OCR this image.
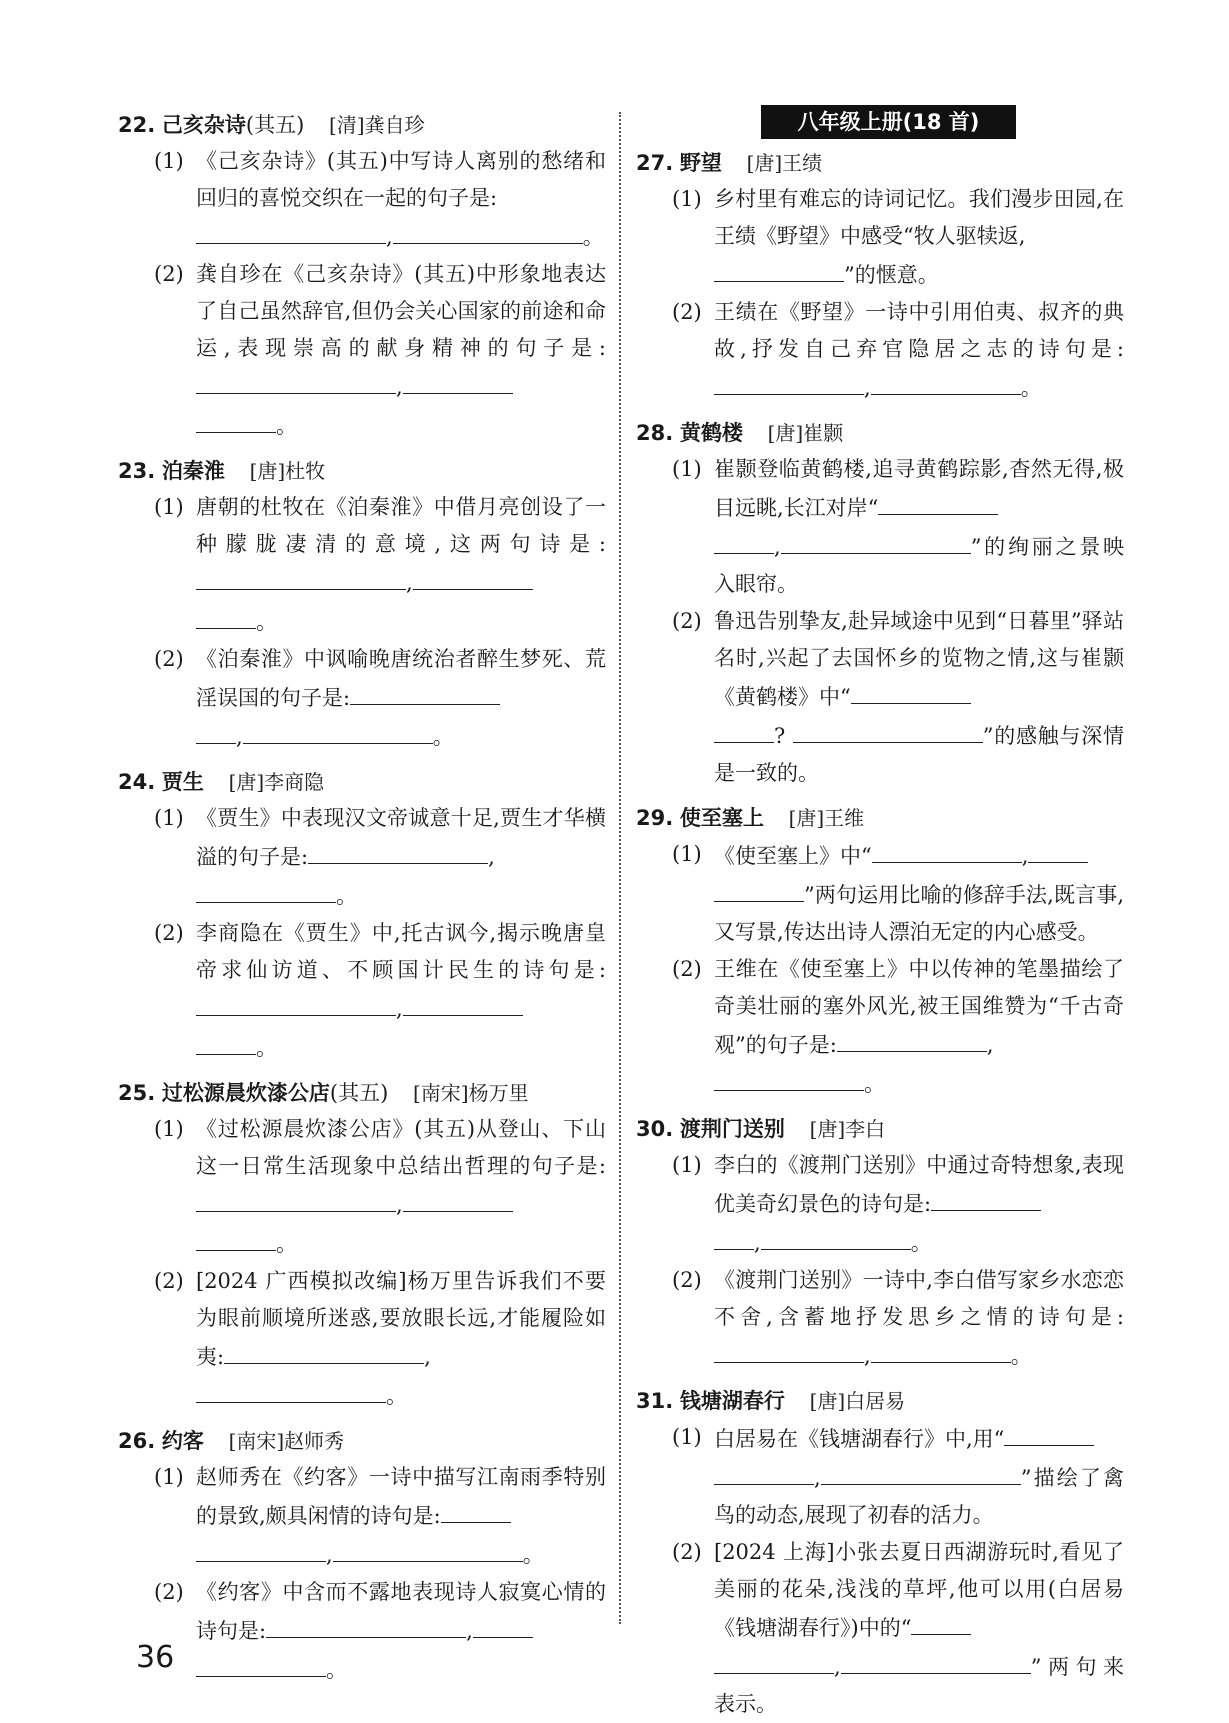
22. 己亥杂诗(其五) [清]龚自珍
(1) 《己亥杂诗》(其五)中写诗人离别的愁绪和回归的喜悦交织在一起的句子是:
,	。
(2) 龚自珍在《己亥杂诗》(其五)中形象地表达了自己虽然辞官,但仍会关心国家的前途和命运,表现崇高的献身精神的句子是:,
。
23. 泊秦淮 [唐]杜牧
(1) 唐朝的杜牧在《泊秦淮》中借月亮创设了一种朦胧凄清的意境,这两句诗是:,
。
(2) 《泊秦淮》中讽喻晚唐统治者醉生梦死、荒淫误国的句子是:
,	。
24. 贾生 [唐]李商隐
(1) 《贾生》中表现汉文帝诚意十足,贾生才华横溢的句子是:	,
。
(2) 李商隐在《贾生》中,托古讽今,揭示晚唐皇帝求仙访道、不顾国计民生的诗句是:,
。
25. 过松源晨炊漆公店(其五) [南宋]杨万里
(1) 《过松源晨炊漆公店》(其五)从登山、下山这一日常生活现象中总结出哲理的句子是:,
。
(2) [2024 广西模拟改编]杨万里告诉我们不要为眼前顺境所迷惑,要放眼长远,才能履险如夷:	,
。
26. 约客 [南宋]赵师秀
(1) 赵师秀在《约客》一诗中描写江南雨季特别的景致,颇具闲情的诗句是:
,	。
(2) 《约客》中含而不露地表现诗人寂寞心情的诗句是:	,
。
八年级上册(18 首)
27. 野望 [唐]王绩
(1) 乡村里有难忘的诗词记忆。我们漫步田园,在王绩《野望》中感受“牧人驱犊返,
”的惬意。
(2) 王绩在《野望》一诗中引用伯夷、叔齐的典故,抒发自己弃官隐居之志的诗句是:,	。
28. 黄鹤楼 [唐]崔颢
(1) 崔颢登临黄鹤楼,追寻黄鹤踪影,杳然无得,极目远眺,长江对岸“
,	”的绚丽之景映入眼帘。
(2) 鲁迅告别挚友,赴异域途中见到“日暮里”驿站名时,兴起了去国怀乡的览物之情,这与崔颢《黄鹤楼》中“
?	”的感触与深情是一致的。
29. 使至塞上 [唐]王维
(1) 《使至塞上》中“	,
”两句运用比喻的修辞手法,既言事,又写景,传达出诗人漂泊无定的内心感受。
(2) 王维在《使至塞上》中以传神的笔墨描绘了奇美壮丽的塞外风光,被王国维赞为“千古奇观”的句子是:	,
。
30. 渡荆门送别 [唐]李白
(1) 李白的《渡荆门送别》中通过奇特想象,表现优美奇幻景色的诗句是:
,	。
(2) 《渡荆门送别》一诗中,李白借写家乡水恋恋不舍,含蓄地抒发思乡之情的诗句是:,	。
31. 钱塘湖春行 [唐]白居易
(1) 白居易在《钱塘湖春行》中,用“
,	”描绘了禽鸟的动态,展现了初春的活力。
(2) [2024 上海]小张去夏日西湖游玩时,看见了美丽的花朵,浅浅的草坪,他可以用(白居易《钱塘湖春行》)中的“
,	”两句来表示。
36
